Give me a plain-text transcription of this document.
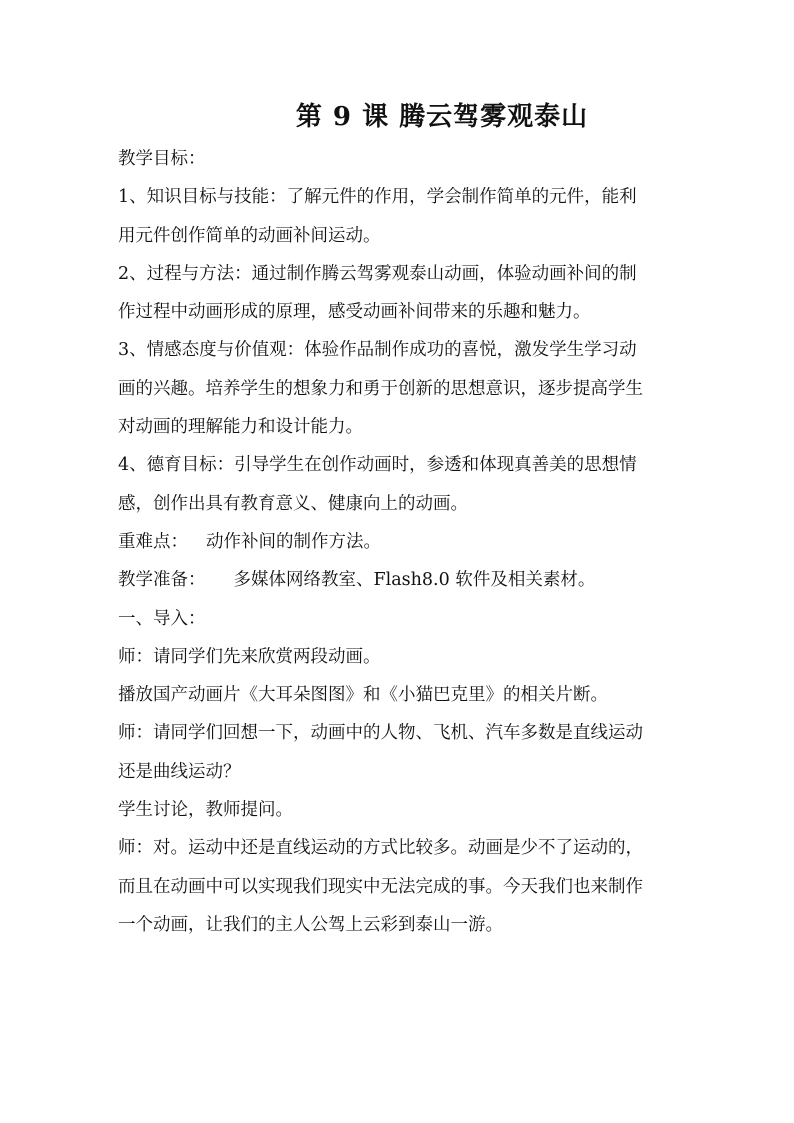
第 9 课 腾云驾雾观泰山
教学目标：
1、知识目标与技能：了解元件的作用，学会制作简单的元件，能利
用元件创作简单的动画补间运动。
2、过程与方法：通过制作腾云驾雾观泰山动画，体验动画补间的制
作过程中动画形成的原理，感受动画补间带来的乐趣和魅力。
3、情感态度与价值观：体验作品制作成功的喜悦，激发学生学习动
画的兴趣。培养学生的想象力和勇于创新的思想意识，逐步提高学生
对动画的理解能力和设计能力。
4、德育目标：引导学生在创作动画时，参透和体现真善美的思想情
感，创作出具有教育意义、健康向上的动画。
重难点： 动作补间的制作方法。
教学准备： 多媒体网络教室、Flash8.0 软件及相关素材。
一、导入：
师：请同学们先来欣赏两段动画。
播放国产动画片《大耳朵图图》和《小猫巴克里》的相关片断。
师：请同学们回想一下，动画中的人物、飞机、汽车多数是直线运动
还是曲线运动？
学生讨论，教师提问。
师：对。运动中还是直线运动的方式比较多。动画是少不了运动的，
而且在动画中可以实现我们现实中无法完成的事。今天我们也来制作
一个动画，让我们的主人公驾上云彩到泰山一游。
